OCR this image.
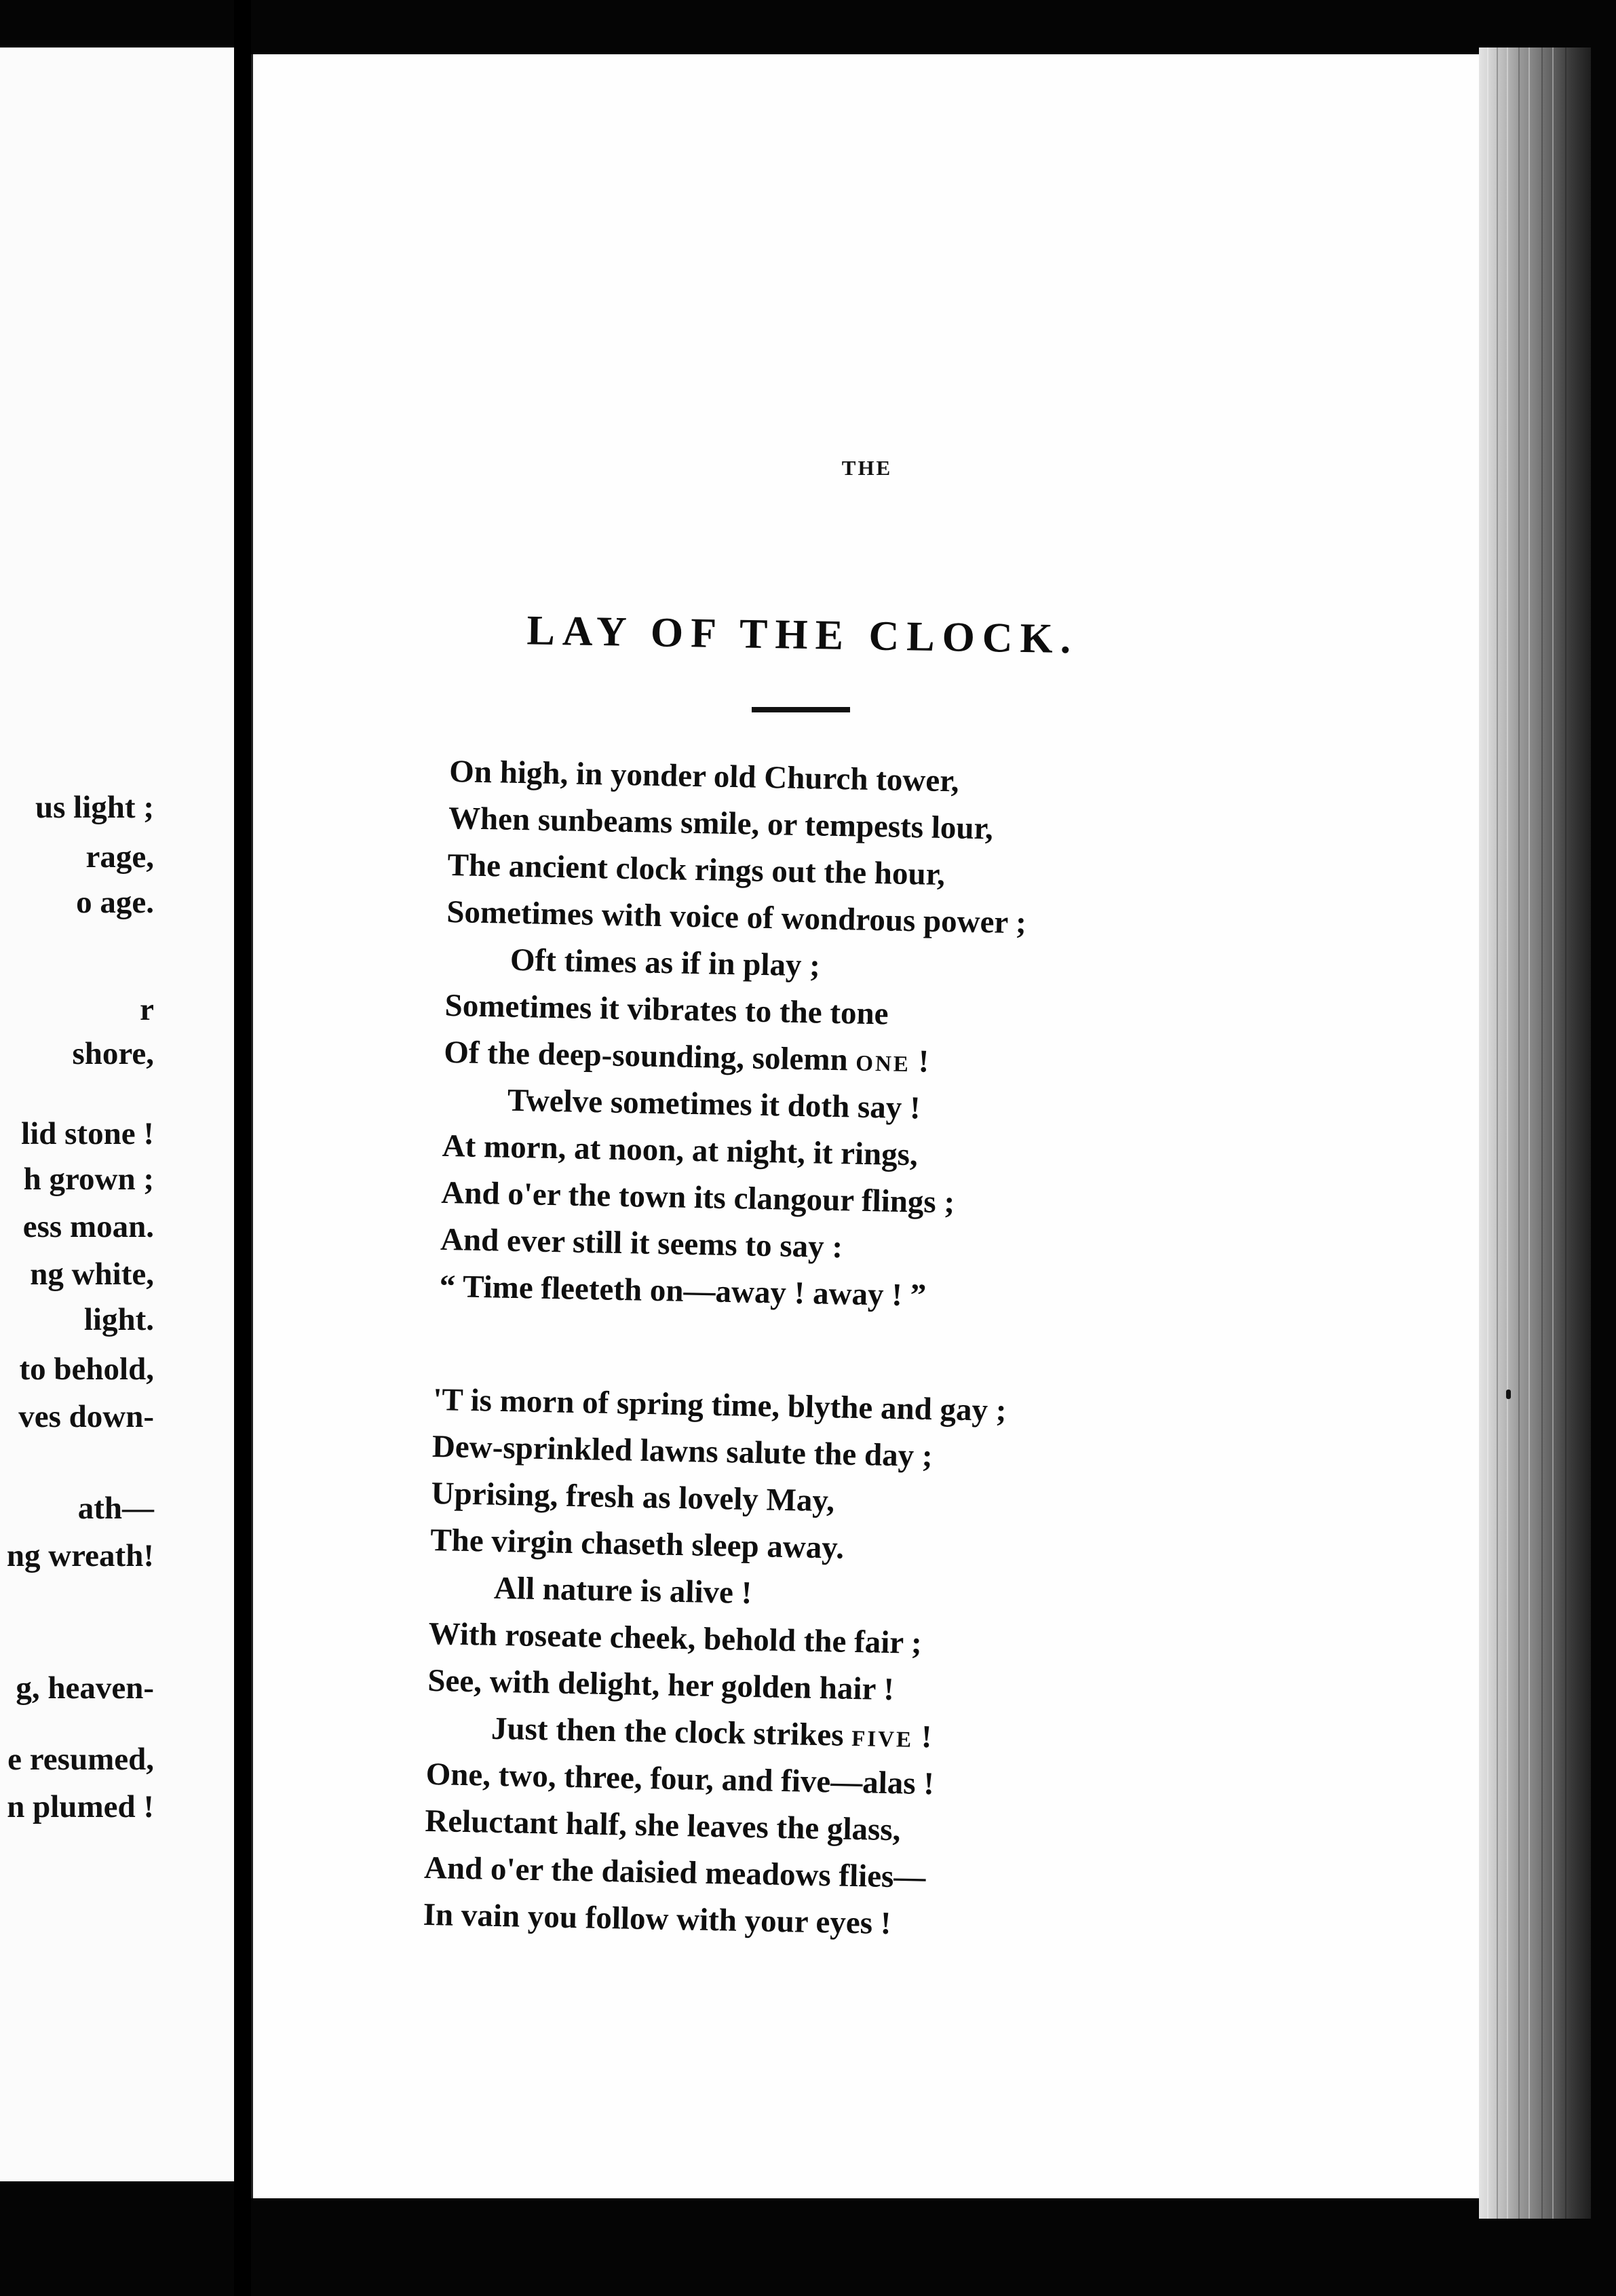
us light ;
rage,
o age.
r
shore,
lid stone !
h grown ;
ess moan.
ng white,
light.
to behold,
ves down-
ath—
ng wreath!
g, heaven-
e resumed,
n plumed !
THE
LAY OF THE CLOCK.
On high, in yonder old Church tower,
When sunbeams smile, or tempests lour,
The ancient clock rings out the hour,
Sometimes with voice of wondrous power ;
Oft times as if in play ;
Sometimes it vibrates to the tone
Of the deep-sounding, solemn ONE !
Twelve sometimes it doth say !
At morn, at noon, at night, it rings,
And o'er the town its clangour flings ;
And ever still it seems to say :
“ Time fleeteth on—away ! away ! ”
'T is morn of spring time, blythe and gay ;
Dew-sprinkled lawns salute the day ;
Uprising, fresh as lovely May,
The virgin chaseth sleep away.
All nature is alive !
With roseate cheek, behold the fair ;
See, with delight, her golden hair !
Just then the clock strikes FIVE !
One, two, three, four, and five—alas !
Reluctant half, she leaves the glass,
And o'er the daisied meadows flies—
In vain you follow with your eyes !
